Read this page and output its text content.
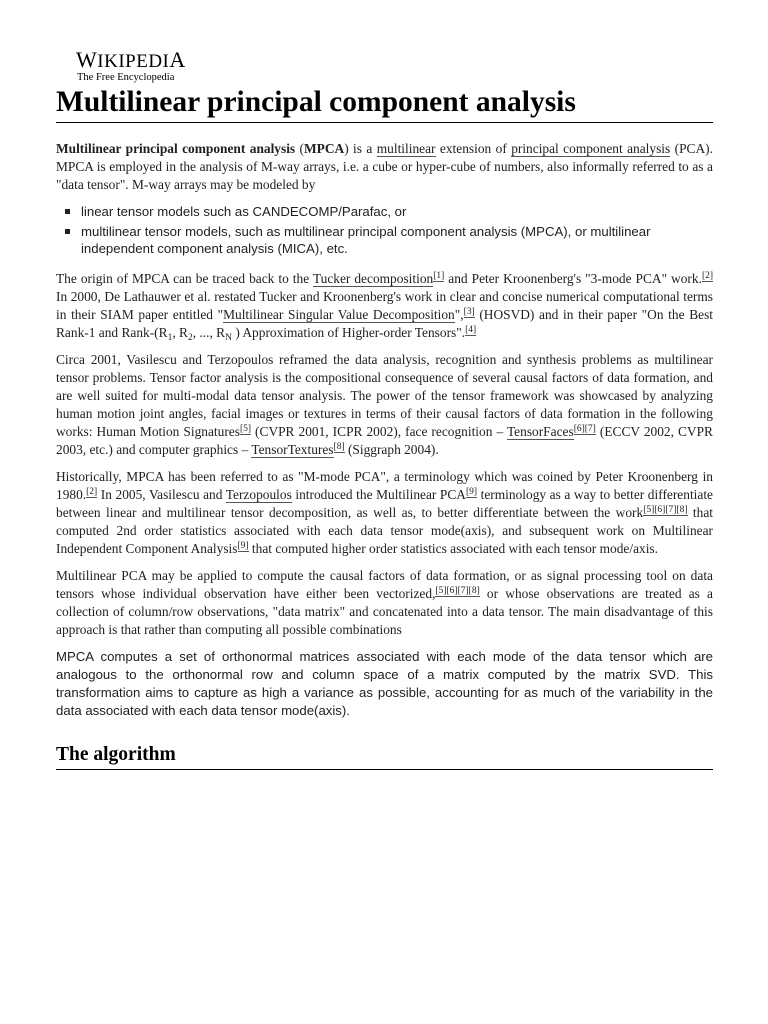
WIKIPEDIA
The Free Encyclopedia
Multilinear principal component analysis

Multilinear principal component analysis (MPCA) is a multilinear extension of principal component analysis (PCA). MPCA is employed in the analysis of M-way arrays, i.e. a cube or hyper-cube of numbers, also informally referred to as a "data tensor". M-way arrays may be modeled by

linear tensor models such as CANDECOMP/Parafac, or
multilinear tensor models, such as multilinear principal component analysis (MPCA), or multilinear independent component analysis (MICA), etc.

The origin of MPCA can be traced back to the Tucker decomposition[1] and Peter Kroonenberg's "3-mode PCA" work.[2] In 2000, De Lathauwer et al. restated Tucker and Kroonenberg's work in clear and concise numerical computational terms in their SIAM paper entitled "Multilinear Singular Value Decomposition",[3] (HOSVD) and in their paper "On the Best Rank-1 and Rank-($R_1$, $R_2$, ..., $R_N$ ) Approximation of Higher-order Tensors".[4]

Circa 2001, Vasilescu and Terzopoulos reframed the data analysis, recognition and synthesis problems as multilinear tensor problems. Tensor factor analysis is the compositional consequence of several causal factors of data formation, and are well suited for multi-modal data tensor analysis. The power of the tensor framework was showcased by analyzing human motion joint angles, facial images or textures in terms of their causal factors of data formation in the following works: Human Motion Signatures[5] (CVPR 2001, ICPR 2002), face recognition – TensorFaces[6][7] (ECCV 2002, CVPR 2003, etc.) and computer graphics – TensorTextures[8] (Siggraph 2004).

Historically, MPCA has been referred to as "M-mode PCA", a terminology which was coined by Peter Kroonenberg in 1980.[2] In 2005, Vasilescu and Terzopoulos introduced the Multilinear PCA[9] terminology as a way to better differentiate between linear and multilinear tensor decomposition, as well as, to better differentiate between the work[5][6][7][8] that computed 2nd order statistics associated with each data tensor mode(axis), and subsequent work on Multilinear Independent Component Analysis[9] that computed higher order statistics associated with each tensor mode/axis.

Multilinear PCA may be applied to compute the causal factors of data formation, or as signal processing tool on data tensors whose individual observation have either been vectorized,[5][6][7][8] or whose observations are treated as a collection of column/row observations, "data matrix" and concatenated into a data tensor. The main disadvantage of this approach is that rather than computing all possible combinations

MPCA computes a set of orthonormal matrices associated with each mode of the data tensor which are analogous to the orthonormal row and column space of a matrix computed by the matrix SVD. This transformation aims to capture as high a variance as possible, accounting for as much of the variability in the data associated with each data tensor mode(axis).

The algorithm
